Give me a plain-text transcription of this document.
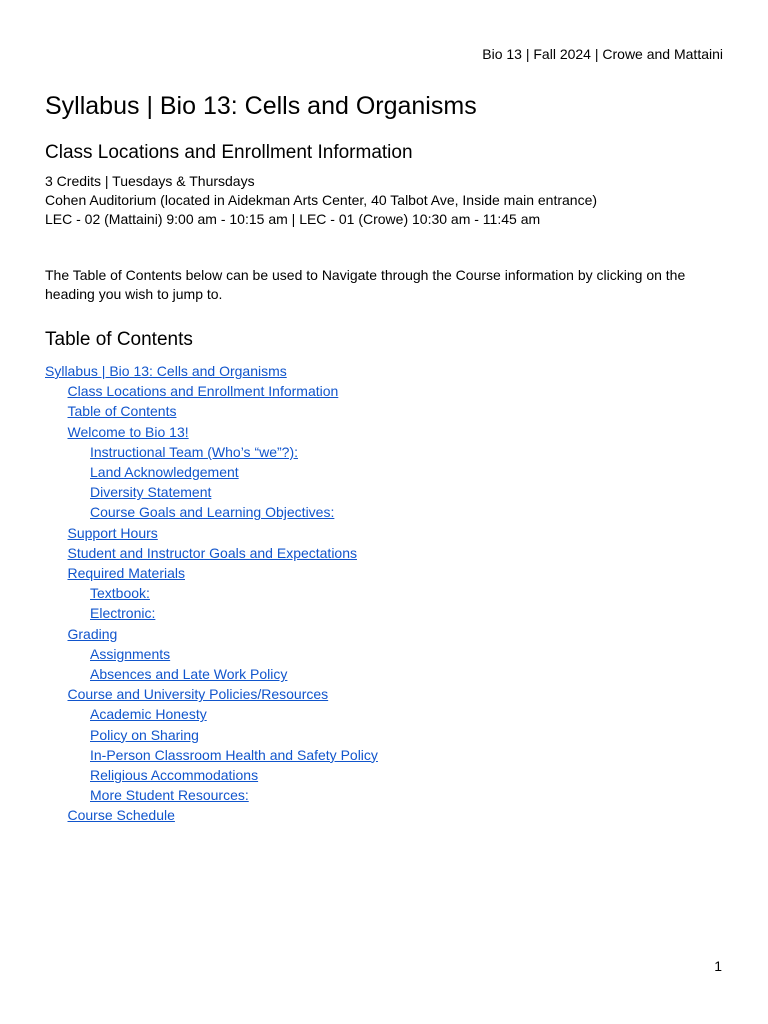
Bio 13 | Fall 2024 | Crowe and Mattaini
Syllabus | Bio 13: Cells and Organisms
Class Locations and Enrollment Information
3 Credits | Tuesdays & Thursdays
Cohen Auditorium (located in Aidekman Arts Center, 40 Talbot Ave, Inside main entrance)
LEC - 02 (Mattaini) 9:00 am - 10:15 am | LEC - 01 (Crowe) 10:30 am - 11:45 am

The Table of Contents below can be used to Navigate through the Course information by clicking on the heading you wish to jump to.

Table of Contents
Syllabus | Bio 13: Cells and Organisms
Class Locations and Enrollment Information
Table of Contents
Welcome to Bio 13!
Instructional Team (Who’s “we”?):
Land Acknowledgement
Diversity Statement
Course Goals and Learning Objectives:
Support Hours
Student and Instructor Goals and Expectations
Required Materials
Textbook:
Electronic:
Grading
Assignments
Absences and Late Work Policy
Course and University Policies/Resources
Academic Honesty
Policy on Sharing
In-Person Classroom Health and Safety Policy
Religious Accommodations
More Student Resources:
Course Schedule
1
